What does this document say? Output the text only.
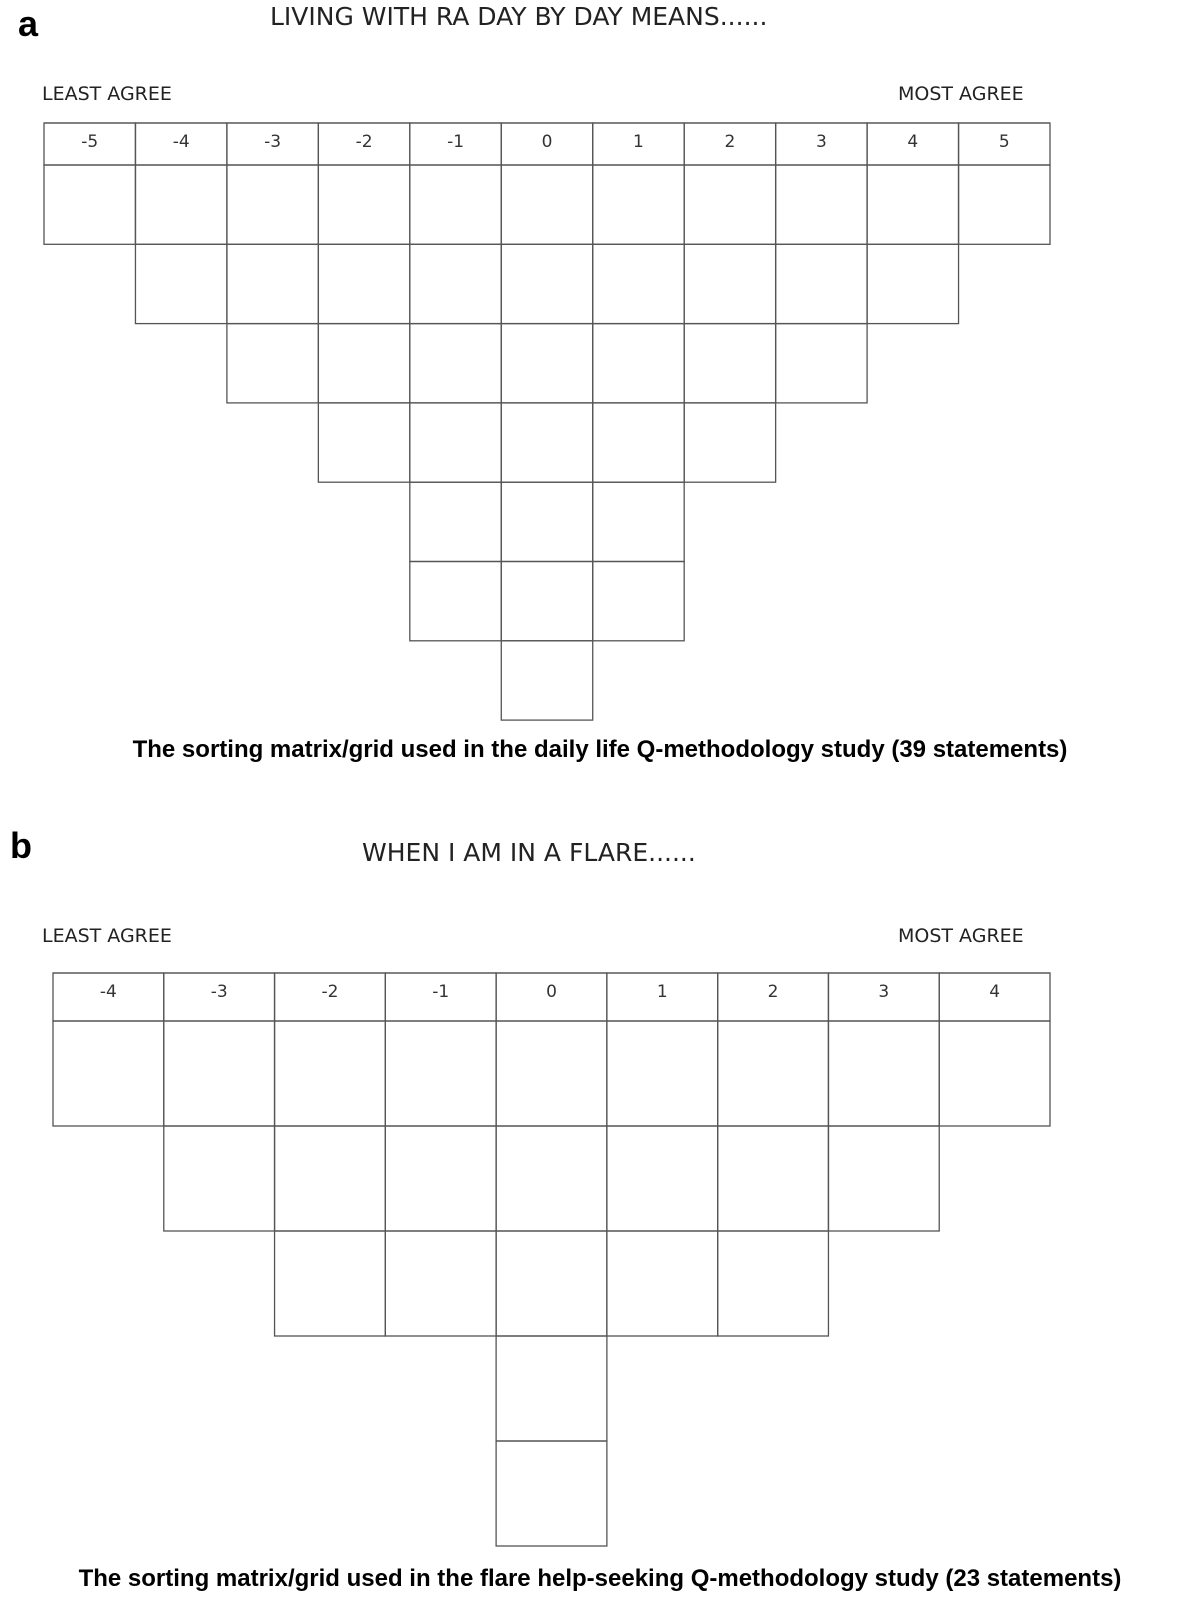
a	LIVING WITH RA DAY BY DAY MEANS......
LEAST AGREE	MOST AGREE
-5	-4	-3	-2	-1	0	1	2	3	4	5
The sorting matrix/grid used in the daily life Q-methodology study (39 statements)
b	WHEN I AM IN A FLARE......
LEAST AGREE	MOST AGREE
-4	-3	-2	-1	0	1	2	3	4
The sorting matrix/grid used in the flare help-seeking Q-methodology study (23 statements)
